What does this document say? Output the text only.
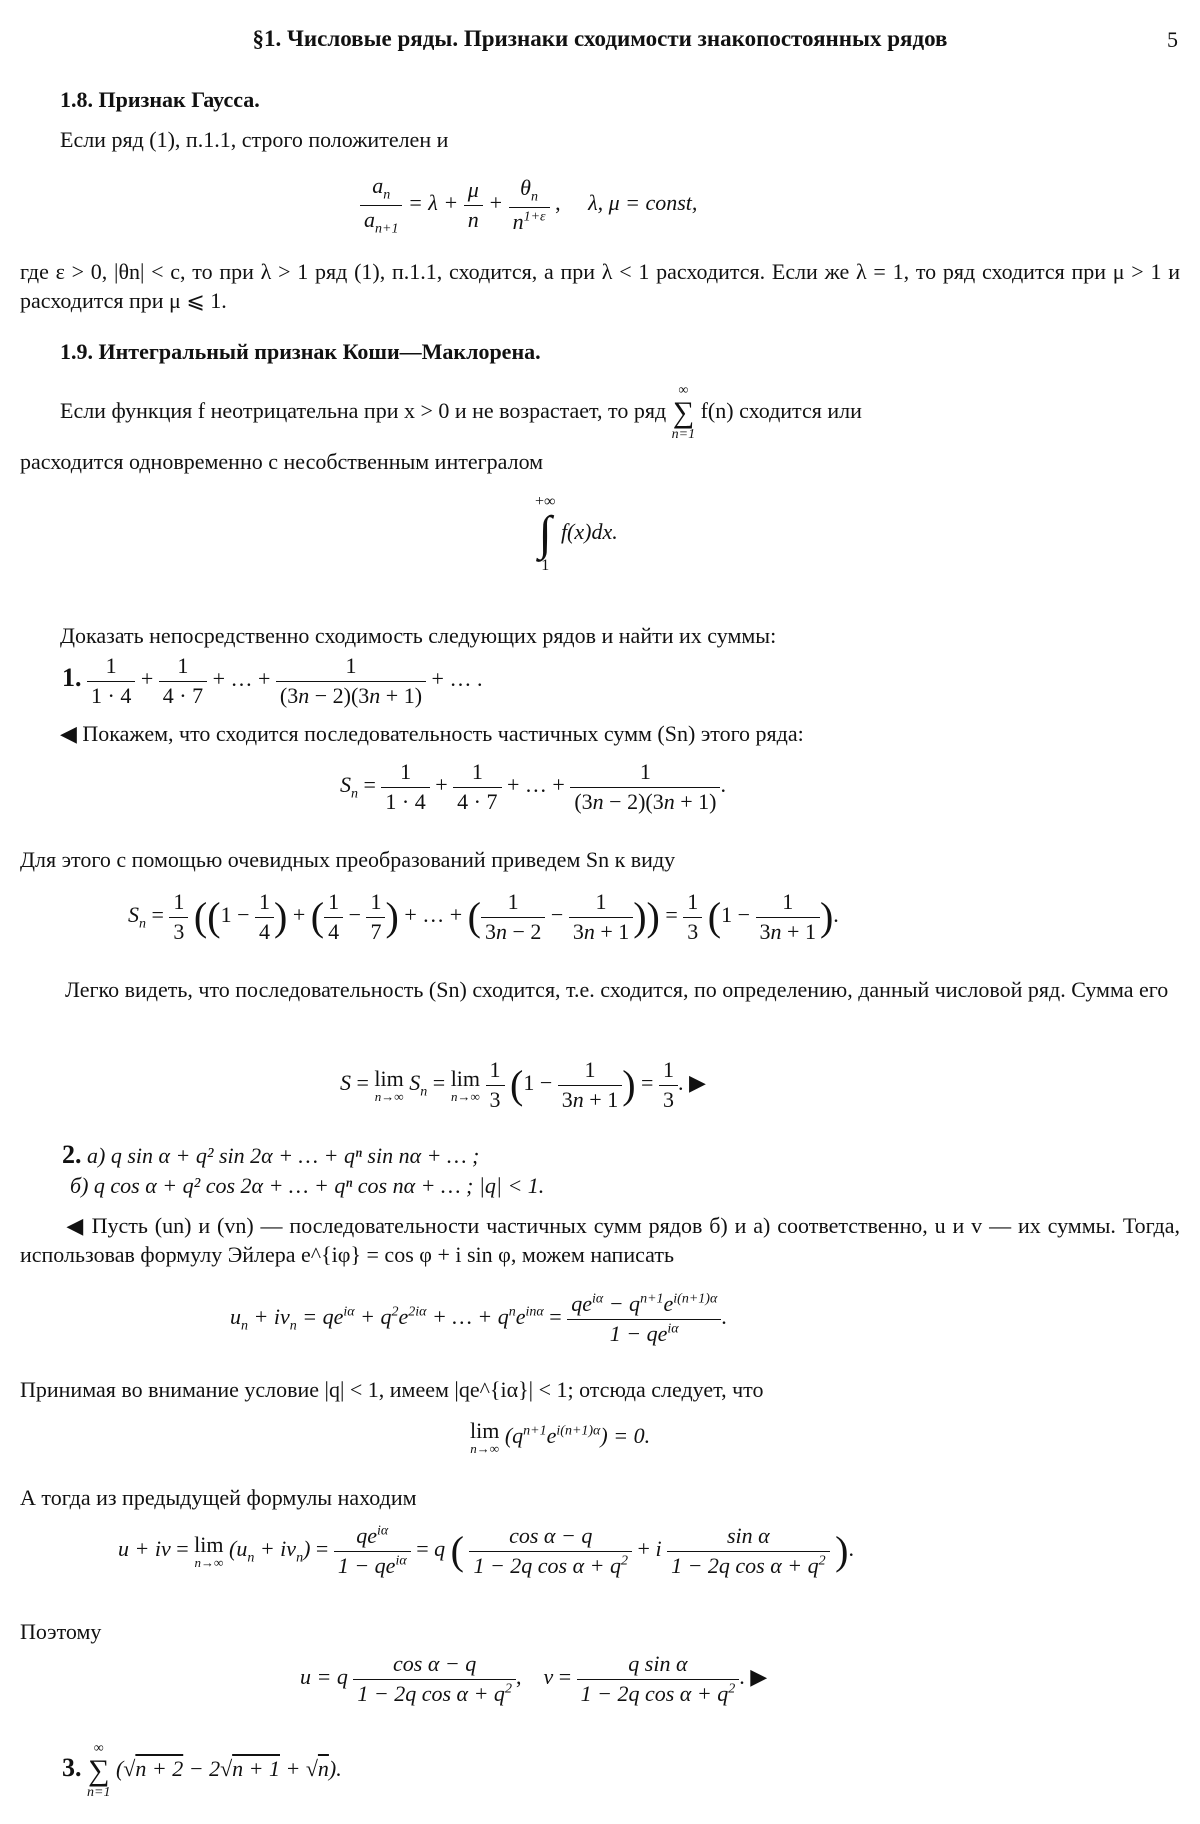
§1. Числовые ряды. Признаки сходимости знакопостоянных рядов	5
1.8. Признак Гаусса.
Если ряд (1), п.1.1, строго положителен и
$\frac{a_n}{a_{n+1}} = \lambda + \frac{\mu}{n} + \frac{\theta_n}{n^{1+\varepsilon}}$ ,     λ, μ = const,
где ε > 0, |θn| < c, то при λ > 1 ряд (1), п.1.1, сходится, а при λ < 1 расходится. Если же λ = 1, то ряд сходится при μ > 1 и расходится при μ ⩽ 1.
1.9. Интегральный признак Коши—Маклорена.
Если функция f неотрицательна при x > 0 и не возрастает, то ряд
∞
∑
n=1
f(n) сходится или
расходится одновременно с несобственным интегралом
+∞
∫
1
f(x)dx.
Доказать непосредственно сходимость следующих рядов и найти их суммы:
1. $\frac{1}{1 \cdot 4} + \frac{1}{4 \cdot 7}$ + … + $\frac{1}{(3n - 2)(3n + 1)}$ + … .
◀ Покажем, что сходится последовательность частичных сумм (Sn) этого ряда:
$S_n = \frac{1}{1 \cdot 4} + \frac{1}{4 \cdot 7}$ + … + $\frac{1}{(3n - 2)(3n + 1)}$ .
Для этого с помощью очевидных преобразований приведем Sn к виду
$S_n = \frac{1}{3} ((1 - \frac{1}{4}$ ) + ( $\frac{1}{4} - \frac{1}{7}$ ) + … + ( $\frac{1}{3n - 2} - \frac{1}{3n + 1}$ )) = $\frac{1}{3} (1 - \frac{1}{3n + 1}$ ).
Легко видеть, что последовательность (Sn) сходится, т.е. сходится, по определению, данный числовой ряд. Сумма его
S = lim
n→∞
$S_n = \lim$
n→∞
$\frac{1}{3} (1 - \frac{1}{3n + 1}$ ) = $\frac{1}{3}$ . ▶
2. а) q sin α + q² sin 2α + … + qⁿ sin nα + … ;
б) q cos α + q² cos 2α + … + qⁿ cos nα + … ; |q| < 1.
◀ Пусть (un) и (vn) — последовательности частичных сумм рядов б) и а) соответственно, u и v — их суммы. Тогда, использовав формулу Эйлера e^{iφ} = cos φ + i sin φ, можем написать
$u_n + iv_n = qe^{i\alpha} + q^2e^{2i\alpha}$ + … + $q^ne^{in\alpha} = \frac{qe^{i\alpha} - q^{n+1}e^{i(n+1)\alpha}}{1 - qe^{i\alpha}}$ .
Принимая во внимание условие |q| < 1, имеем |qe^{iα}| < 1; отсюда следует, что
lim
n→∞
$(q^{n+1}e^{i(n+1)\alpha}) = 0$.
А тогда из предыдущей формулы находим
u + iv = lim
n→∞
$(u_n + iv_n) = \frac{qe^{i\alpha}}{1 - qe^{i\alpha}} = q$ ( $\frac{\text{cos α − q}}{1 - 2q \cos \alpha + q^2} + i \frac{\text{sin α}}{1 - 2q \cos \alpha + q^2}$ ).
Поэтому
u = q $\frac{\text{cos α − q}}{1 - 2q \cos \alpha + q^2}$ ,    $v = \frac{\text{q sin α}}{1 - 2q \cos \alpha + q^2}$ . ▶
3.
∞
∑
n=1
(√n + 2 − 2√n + 1 + √n).
